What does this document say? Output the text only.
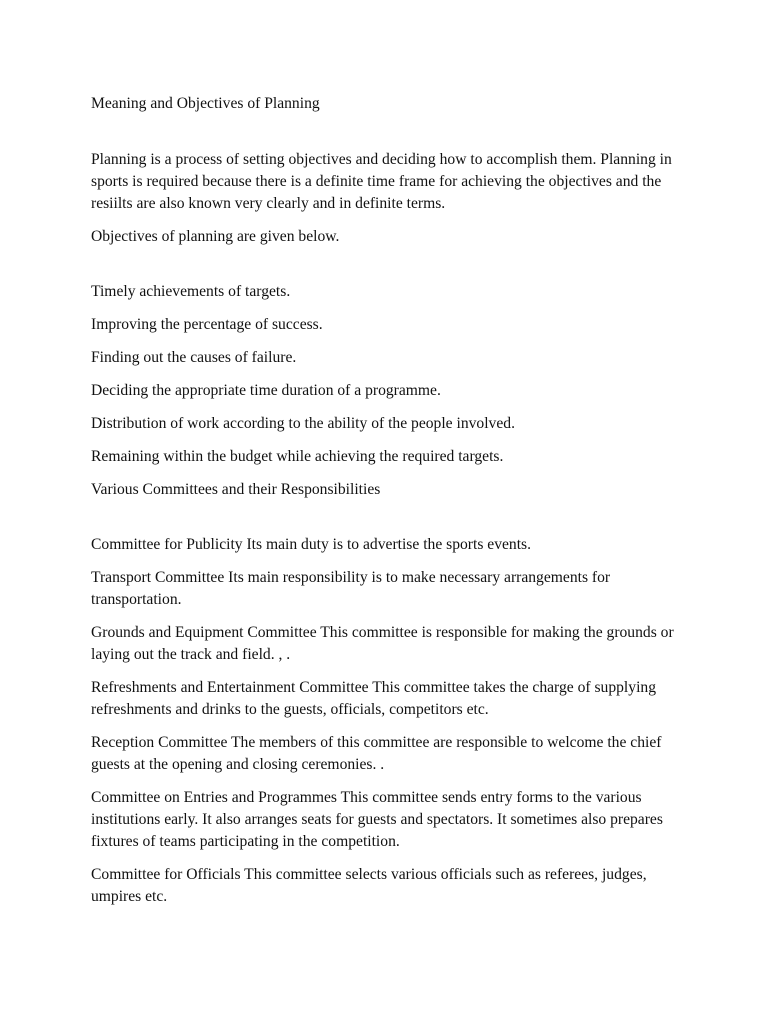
Meaning and Objectives of Planning

Planning is a process of setting objectives and deciding how to accomplish them. Planning in sports is required because there is a definite time frame for achieving the objectives and the resiilts are also known very clearly and in definite terms.

Objectives of planning are given below.

Timely achievements of targets.

Improving the percentage of success.

Finding out the causes of failure.

Deciding the appropriate time duration of a programme.

Distribution of work according to the ability of the people involved.

Remaining within the budget while achieving the required targets.

Various Committees and their Responsibilities

Committee for Publicity Its main duty is to advertise the sports events.

Transport Committee Its main responsibility is to make necessary arrangements for transportation.

Grounds and Equipment Committee This committee is responsible for making the grounds or laying out the track and field. , .

Refreshments and Entertainment Committee This committee takes the charge of supplying refreshments and drinks to the guests, officials, competitors etc.

Reception Committee The members of this committee are responsible to welcome the chief guests at the opening and closing ceremonies. .

Committee on Entries and Programmes This committee sends entry forms to the various institutions early. It also arranges seats for guests and spectators. It sometimes also prepares fixtures of teams participating in the competition.

Committee for Officials This committee selects various officials such as referees, judges, umpires etc.
